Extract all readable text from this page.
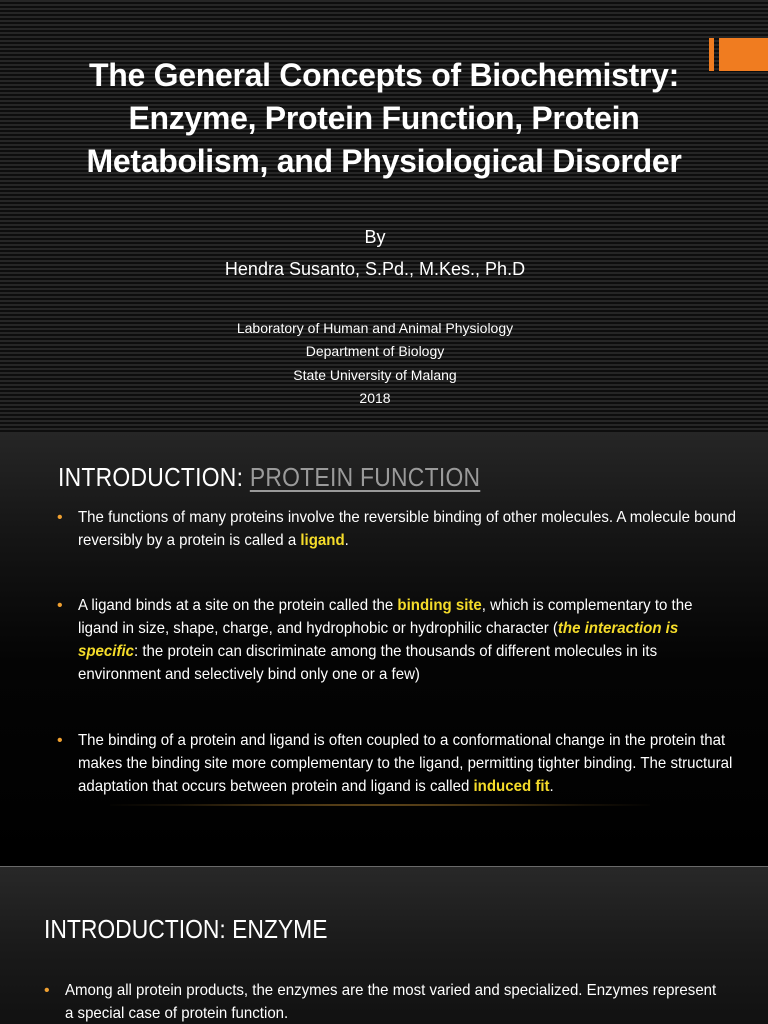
The General Concepts of Biochemistry:
Enzyme, Protein Function, Protein
Metabolism, and Physiological Disorder
By
Hendra Susanto, S.Pd., M.Kes., Ph.D
Laboratory of Human and Animal Physiology
Department of Biology
State University of Malang
2018
INTRODUCTION: PROTEIN FUNCTION
• The functions of many proteins involve the reversible binding of other molecules. A molecule bound reversibly by a protein is called a ligand.
• A ligand binds at a site on the protein called the binding site, which is complementary to the ligand in size, shape, charge, and hydrophobic or hydrophilic character (the interaction is specific: the protein can discriminate among the thousands of different molecules in its environment and selectively bind only one or a few)
• The binding of a protein and ligand is often coupled to a conformational change in the protein that makes the binding site more complementary to the ligand, permitting tighter binding. The structural adaptation that occurs between protein and ligand is called induced fit.
INTRODUCTION: ENZYME
• Among all protein products, the enzymes are the most varied and specialized. Enzymes represent a special case of protein function.
